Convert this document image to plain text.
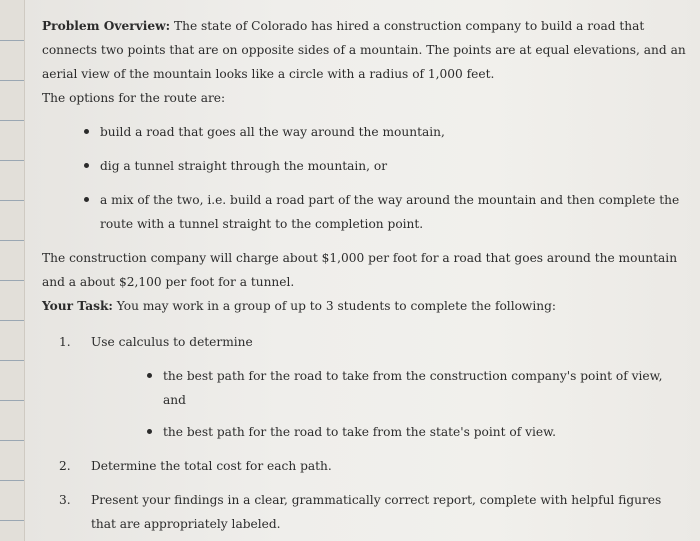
Problem Overview: The state of Colorado has hired a construction company to build a road that connects two points that are on opposite sides of a mountain. The points are at equal elevations, and an aerial view of the mountain looks like a circle with a radius of 1,000 feet.

The options for the route are:

build a road that goes all the way around the mountain,
dig a tunnel straight through the mountain, or
a mix of the two, i.e. build a road part of the way around the mountain and then complete the route with a tunnel straight to the completion point.

The construction company will charge about $1,000 per foot for a road that goes around the mountain and a about $2,100 per foot for a tunnel.

Your Task: You may work in a group of up to 3 students to complete the following:

1. Use calculus to determine
the best path for the road to take from the construction company's point of view, and
the best path for the road to take from the state's point of view.
2. Determine the total cost for each path.
3. Present your findings in a clear, grammatically correct report, complete with helpful figures that are appropriately labeled.
